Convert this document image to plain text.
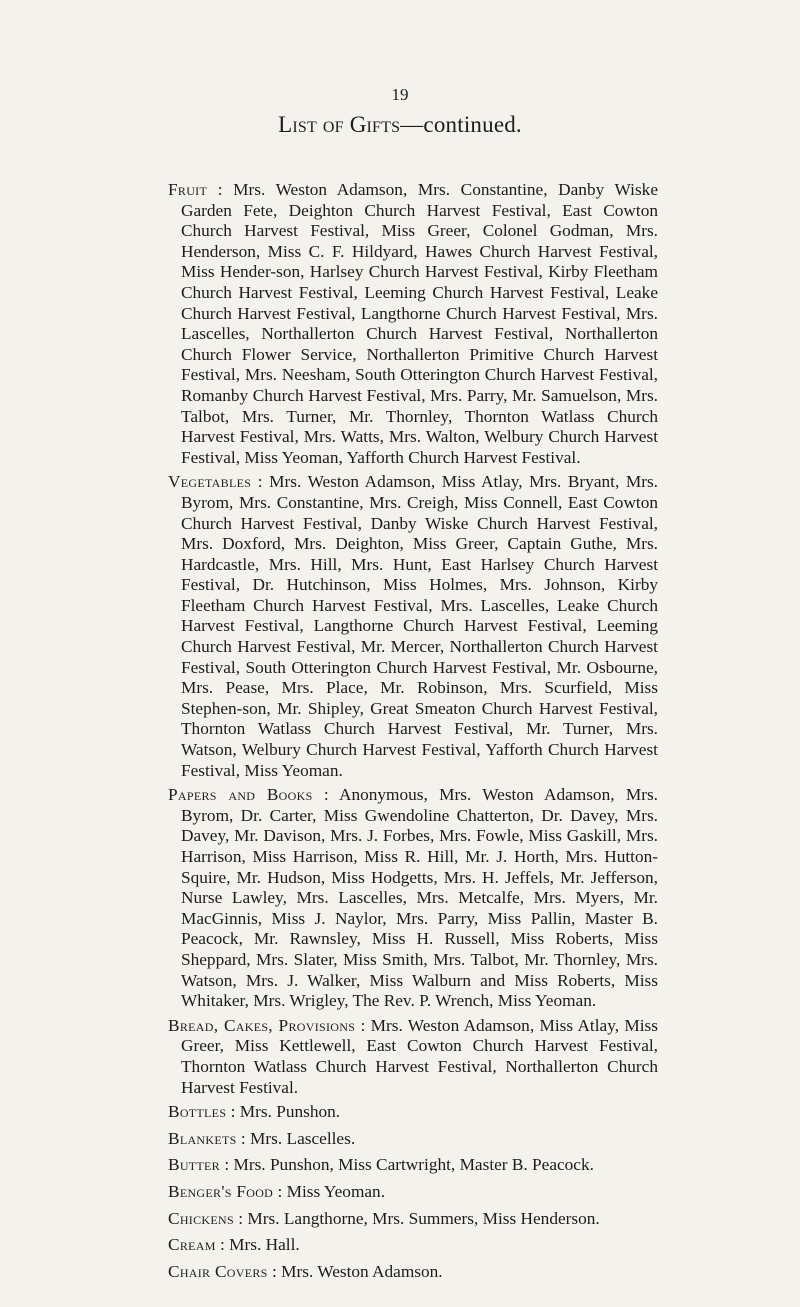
19
List of Gifts—continued.

Fruit : Mrs. Weston Adamson, Mrs. Constantine, Danby Wiske Garden Fete, Deighton Church Harvest Festival, East Cowton Church Harvest Festival, Miss Greer, Colonel Godman, Mrs. Henderson, Miss C. F. Hildyard, Hawes Church Harvest Festival, Miss Hender-son, Harlsey Church Harvest Festival, Kirby Fleetham Church Harvest Festival, Leeming Church Harvest Festival, Leake Church Harvest Festival, Langthorne Church Harvest Festival, Mrs. Lascelles, Northallerton Church Harvest Festival, Northallerton Church Flower Service, Northallerton Primitive Church Harvest Festival, Mrs. Neesham, South Otterington Church Harvest Festival, Romanby Church Harvest Festival, Mrs. Parry, Mr. Samuelson, Mrs. Talbot, Mrs. Turner, Mr. Thornley, Thornton Watlass Church Harvest Festival, Mrs. Watts, Mrs. Walton, Welbury Church Harvest Festival, Miss Yeoman, Yafforth Church Harvest Festival.

Vegetables : Mrs. Weston Adamson, Miss Atlay, Mrs. Bryant, Mrs. Byrom, Mrs. Constantine, Mrs. Creigh, Miss Connell, East Cowton Church Harvest Festival, Danby Wiske Church Harvest Festival, Mrs. Doxford, Mrs. Deighton, Miss Greer, Captain Guthe, Mrs. Hardcastle, Mrs. Hill, Mrs. Hunt, East Harlsey Church Harvest Festival, Dr. Hutchinson, Miss Holmes, Mrs. Johnson, Kirby Fleetham Church Harvest Festival, Mrs. Lascelles, Leake Church Harvest Festival, Langthorne Church Harvest Festival, Leeming Church Harvest Festival, Mr. Mercer, Northallerton Church Harvest Festival, South Otterington Church Harvest Festival, Mr. Osbourne, Mrs. Pease, Mrs. Place, Mr. Robinson, Mrs. Scurfield, Miss Stephen-son, Mr. Shipley, Great Smeaton Church Harvest Festival, Thornton Watlass Church Harvest Festival, Mr. Turner, Mrs. Watson, Welbury Church Harvest Festival, Yafforth Church Harvest Festival, Miss Yeoman.

Papers and Books : Anonymous, Mrs. Weston Adamson, Mrs. Byrom, Dr. Carter, Miss Gwendoline Chatterton, Dr. Davey, Mrs. Davey, Mr. Davison, Mrs. J. Forbes, Mrs. Fowle, Miss Gaskill, Mrs. Harrison, Miss Harrison, Miss R. Hill, Mr. J. Horth, Mrs. Hutton-Squire, Mr. Hudson, Miss Hodgetts, Mrs. H. Jeffels, Mr. Jefferson, Nurse Lawley, Mrs. Lascelles, Mrs. Metcalfe, Mrs. Myers, Mr. MacGinnis, Miss J. Naylor, Mrs. Parry, Miss Pallin, Master B. Peacock, Mr. Rawnsley, Miss H. Russell, Miss Roberts, Miss Sheppard, Mrs. Slater, Miss Smith, Mrs. Talbot, Mr. Thornley, Mrs. Watson, Mrs. J. Walker, Miss Walburn and Miss Roberts, Miss Whitaker, Mrs. Wrigley, The Rev. P. Wrench, Miss Yeoman.

Bread, Cakes, Provisions : Mrs. Weston Adamson, Miss Atlay, Miss Greer, Miss Kettlewell, East Cowton Church Harvest Festival, Thornton Watlass Church Harvest Festival, Northallerton Church Harvest Festival.

Bottles : Mrs. Punshon.

Blankets : Mrs. Lascelles.

Butter : Mrs. Punshon, Miss Cartwright, Master B. Peacock.

Benger's Food : Miss Yeoman.

Chickens : Mrs. Langthorne, Mrs. Summers, Miss Henderson.

Cream : Mrs. Hall.

Chair Covers : Mrs. Weston Adamson.
